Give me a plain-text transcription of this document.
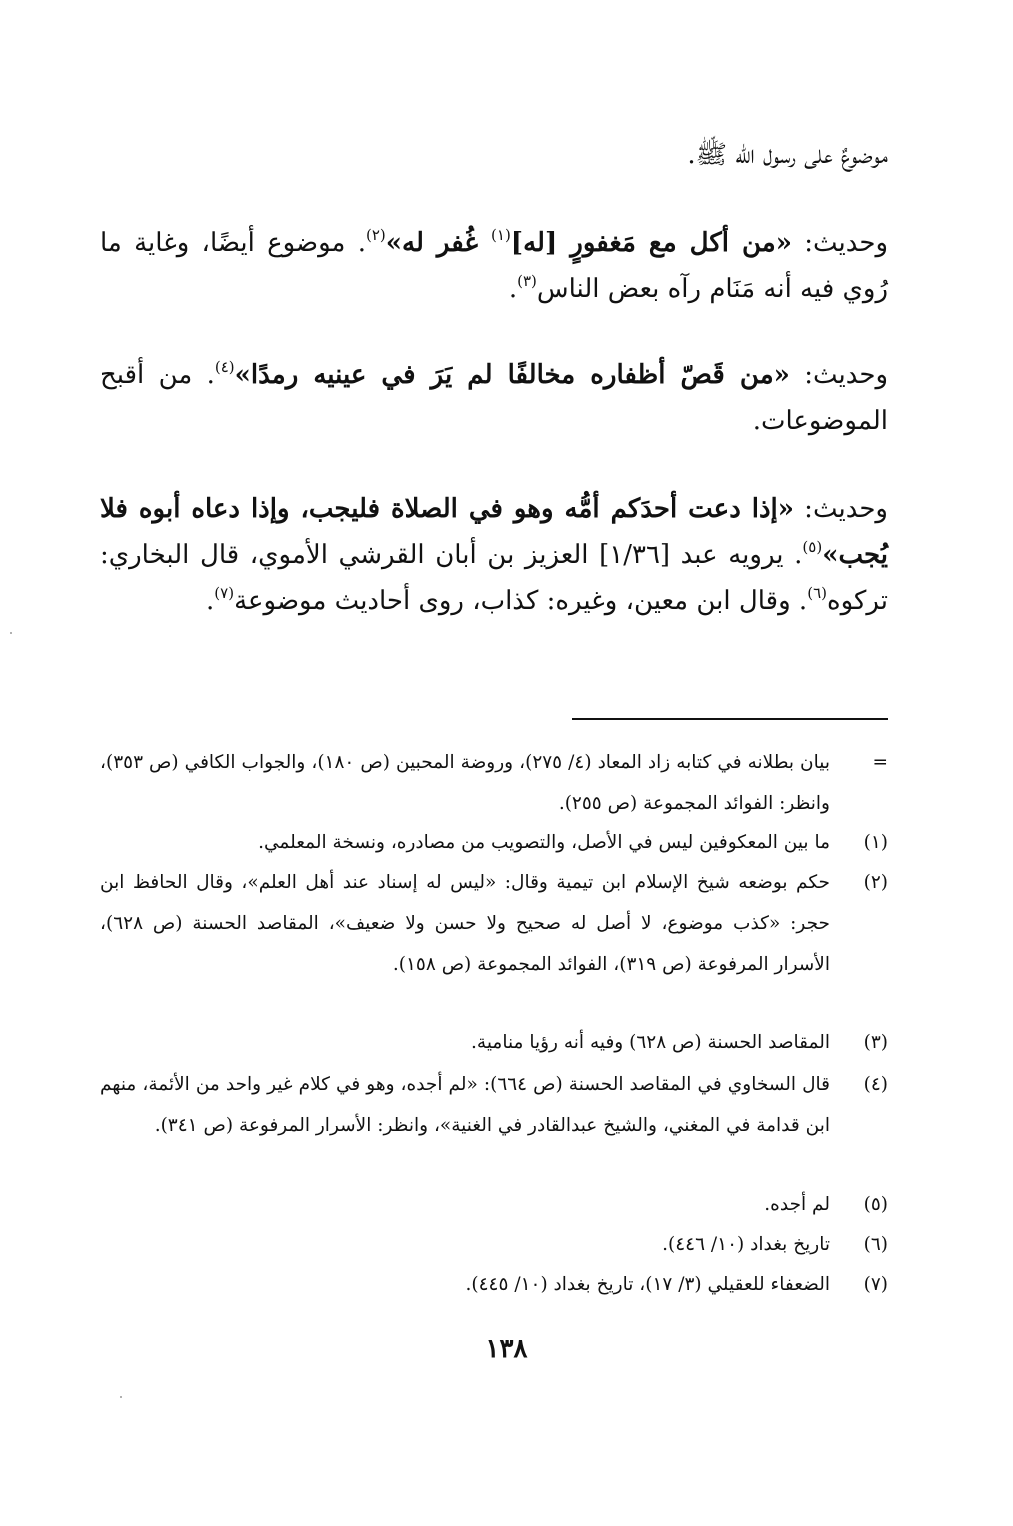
موضوعٌ على رسول الله ﷺ.

وحديث: «من أكل مع مَغفورٍ [له]$^{(١)}$ غُفر له»$^{(٢)}$. موضوع أيضًا، وغاية ما رُوي فيه أنه مَنَام رآه بعض الناس$^{(٣)}$.

وحديث: «من قَصّ أظفاره مخالفًا لم يَرَ في عينيه رمدًا»$^{(٤)}$. من أقبح الموضوعات.

وحديث: «إذا دعت أحدَكم أمُّه وهو في الصلاة فليجب، وإذا دعاه أبوه فلا يُجب»$^{(٥)}$. يرويه عبد [١/٣٦] العزيز بن أبان القرشي الأموي، قال البخاري: تركوه$^{(٦)}$. وقال ابن معين، وغيره: كذاب، روى أحاديث موضوعة$^{(٧)}$.

=
بيان بطلانه في كتابه زاد المعاد (٤/ ٢٧٥)، وروضة المحبين (ص ١٨٠)، والجواب الكافي (ص ٣٥٣)، وانظر: الفوائد المجموعة (ص ٢٥٥).
(١)
ما بين المعكوفين ليس في الأصل، والتصويب من مصادره، ونسخة المعلمي.
(٢)
حكم بوضعه شيخ الإسلام ابن تيمية وقال: «ليس له إسناد عند أهل العلم»، وقال الحافظ ابن حجر: «كذب موضوع، لا أصل له صحيح ولا حسن ولا ضعيف»، المقاصد الحسنة (ص ٦٢٨)، الأسرار المرفوعة (ص ٣١٩)، الفوائد المجموعة (ص ١٥٨).
(٣)
المقاصد الحسنة (ص ٦٢٨) وفيه أنه رؤيا منامية.
(٤)
قال السخاوي في المقاصد الحسنة (ص ٦٦٤): «لم أجده، وهو في كلام غير واحد من الأئمة، منهم ابن قدامة في المغني، والشيخ عبدالقادر في الغنية»، وانظر: الأسرار المرفوعة (ص ٣٤١).
(٥)
لم أجده.
(٦)
تاريخ بغداد (١٠/ ٤٤٦).
(٧)
الضعفاء للعقيلي (٣/ ١٧)، تاريخ بغداد (١٠/ ٤٤٥).
١٣٨
